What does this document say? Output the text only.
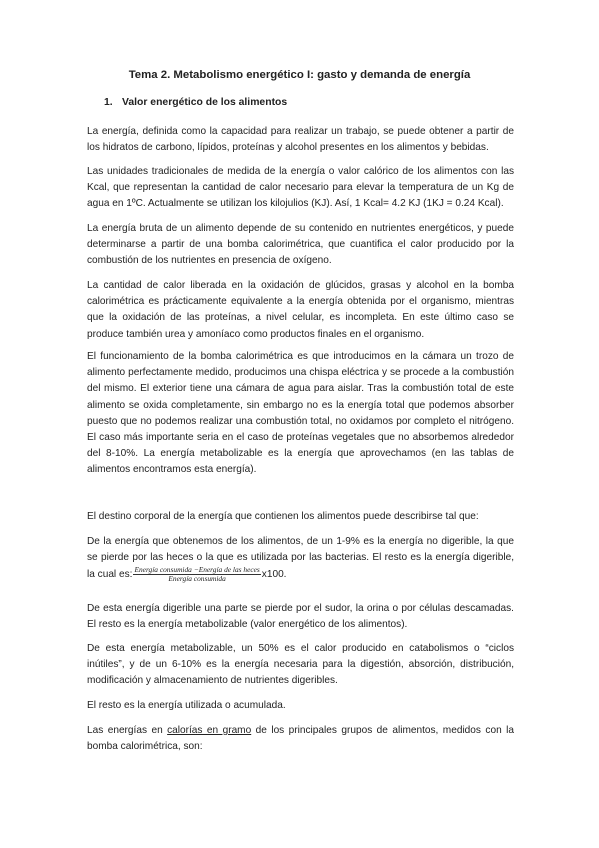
Tema 2. Metabolismo energético I: gasto y demanda de energía
1. Valor energético de los alimentos

La energía, definida como la capacidad para realizar un trabajo, se puede obtener a partir de los hidratos de carbono, lípidos, proteínas y alcohol presentes en los alimentos y bebidas.

Las unidades tradicionales de medida de la energía o valor calórico de los alimentos con las Kcal, que representan la cantidad de calor necesario para elevar la temperatura de un Kg de agua en 1ºC. Actualmente se utilizan los kilojulios (KJ). Así, 1 Kcal= 4.2 KJ (1KJ = 0.24 Kcal).

La energía bruta de un alimento depende de su contenido en nutrientes energéticos, y puede determinarse a partir de una bomba calorimétrica, que cuantifica el calor producido por la combustión de los nutrientes en presencia de oxígeno.

La cantidad de calor liberada en la oxidación de glúcidos, grasas y alcohol en la bomba calorimétrica es prácticamente equivalente a la energía obtenida por el organismo, mientras que la oxidación de las proteínas, a nivel celular, es incompleta. En este último caso se produce también urea y amoníaco como productos finales en el organismo.

El funcionamiento de la bomba calorimétrica es que introducimos en la cámara un trozo de alimento perfectamente medido, producimos una chispa eléctrica y se procede a la combustión del mismo. El exterior tiene una cámara de agua para aislar. Tras la combustión total de este alimento se oxida completamente, sin embargo no es la energía total que podemos absorber puesto que no podemos realizar una combustión total, no oxidamos por completo el nitrógeno. El caso más importante seria en el caso de proteínas vegetales que no absorbemos alrededor del 8-10%. La energía metabolizable es la energía que aprovechamos (en las tablas de alimentos encontramos esta energía).

El destino corporal de la energía que contienen los alimentos puede describirse tal que:

De la energía que obtenemos de los alimentos, de un 1-9% es la energía no digerible, la que se pierde por las heces o la que es utilizada por las bacterias. El resto es la energía digerible, la cual es: $\frac{\text{Energía consumida −Energía de las heces}}{\text{Energía consumida}} x100$.

De esta energía digerible una parte se pierde por el sudor, la orina o por células descamadas. El resto es la energía metabolizable (valor energético de los alimentos).

De esta energía metabolizable, un 50% es el calor producido en catabolismos o “ciclos inútiles”, y de un 6-10% es la energía necesaria para la digestión, absorción, distribución, modificación y almacenamiento de nutrientes digeribles.

El resto es la energía utilizada o acumulada.

Las energías en calorías en gramo de los principales grupos de alimentos, medidos con la bomba calorimétrica, son:
